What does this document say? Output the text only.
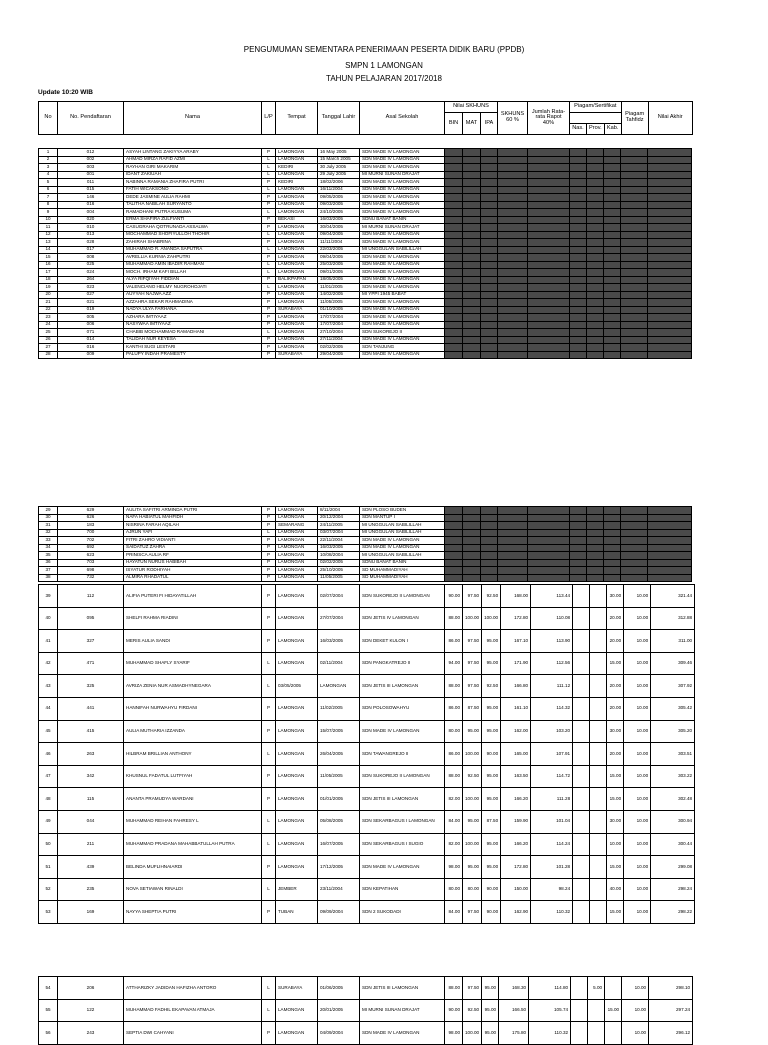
PENGUMUMAN SEMENTARA PENERIMAAN PESERTA DIDIK BARU (PPDB)
SMPN 1 LAMONGAN
TAHUN PELAJARAN 2017/2018
Update 10:20 WIB
No	No. Pendaftaran	Nama	L/P	Tempat	Tanggal Lahir	Asal Sekolah	Nilai SKHUNS			SKHUNS 60 %	Jumlah Rata-rata Rapot 40%	Piagam/Sertifikat			Piagam Tahfidz	Nilai Akhir
							BIN	MAT	IPA							
												Nas.	Prov.	Kab.		
1	012	ASYAH LINTANG ZAKIYYA ARABY	P	LAMONGAN	16 May 2005	SDN MADE IV LAMONGAN										
2	002	AHMAD MIRZA RAFID AZMI	L	LAMONGAN	15 March 2005	SDN MADE IV LAMONGAN										
3	003	RAYHAN GIRI MAKARIM	L	KEDIRI	30 July 2005	SDN MADE IV LAMONGAN										
4	001	IDANT ZAKIUAH	L	LAMONGAN	29 July 2005	MI MURNI SUNAN DRAJAT										
5	011	NABINNA RAMANIA ZHAFIRA PUTRI	P	KEDIRI	18/02/2006	SDN MADE IV LAMONGAN										
6	015	FATIH WICAKSONO	L	LAMONGAN	16/11/2004	SDN MADE IV LAMONGAN										
7	146	DEDE JASMINE AULIA RAHMI	P	LAMONGAN	09/05/2005	SDN MADE IV LAMONGAN										
8	016	TALITHA NABILAH SURYANTO	P	LAMONGAN	09/03/2005	SDN MADE IV LAMONGAN										
9	004	RAMADHANI PUTRA KUSUMA	L	LAMONGAN	24/10/2005	SDN MADE IV LAMONGAN										
10	020	ERMA SHAFIRA ZULFIANTI	P	BEKASI	16/03/2005	SDNU BANAT BANIN										
11	010	CASUGRAHA QOTRUNADA ASSALWA	P	LAMONGAN	30/04/2005	MI MURNI SUNAN DRAJAT										
12	013	MOCHAMMAD SHOFIYULLOH THOHIR	L	LAMONGAN	09/04/2005	SDN MADE IV LAMONGAN										
13	028	ZAHIRAH SHABRINA	P	LAMONGAN	11/11/2004	SDN MADE IV LAMONGAN										
14	017	MUHAMMAD R. ANANDA SAPUTRA	L	LAMONGAN	22/03/2005	MI UNGGULAN SABILILLAH										
15	008	AVRELLIA KURNIA ZAHPUTRI	P	LAMONGAN	09/04/2005	SDN MADE IV LAMONGAN										
16	025	MUHAMMAD AMIN IBADIR RAHMAN	L	LAMONGAN	25/03/2005	SDN MADE IV LAMONGAN										
17	024	MOCH. IRHAM KAFI BILLAH	L	LAMONGAN	09/01/2005	SDN MADE IV LAMONGAN										
18	264	ALYA RIFQIYAH FIDDIAN	P	BALIKPAPAN	18/05/2005	SDN MADE IV LAMONGAN										
19	023	VALENCIANO HELMY NUGROHOJATI	L	LAMONGAN	11/01/2005	SDN MADE IV LAMONGAN										
20	027	AUYYAH NAJWA AZZ	P	LAMONGAN	14/02/2005	MI YPPI 1945 BABAT										
21	021	AZZAHRA SEKAR RAHMADINA	P	LAMONGAN	11/05/2005	SDN MADE IV LAMONGAN										
22	019	NADYA ULYA FARHANA	P	SURABAYA	01/10/2005	SDN MADE IV LAMONGAN										
23	005	AZHARA IMTIYAAZ	P	LAMONGAN	17/07/2004	SDN MADE IV LAMONGAN										
24	006	NASYWAA IMTIYAAZ	P	LAMONGAN	17/07/2004	SDN MADE IV LAMONGAN										
25	071	CHABIB MOCHAMMAD RAMADHANI	L	LAMONGAN	27/10/2004	SDN SUKOREJO II										
26	014	TALIDAH NUR KEYESA	P	LAMONGAN	27/11/2004	SDN MADE IV LAMONGAN										
27	016	KANTHI SUGI LESTARI	P	LAMONGAN	02/02/2005	SDN TANJUNG										
28	009	PALUPY INDAH PRAMESTY	P	SURABAYA	29/04/2005	SDN MADE IV LAMONGAN										
29	629	AULITA SAFITRI ARMINDA PUTRI	P	LAMONGAN	8/11/2004	SDN PLOSO BUDEN										
30	626	NAFA HABIATUL MAHFIDH	P	LAMONGAN	20/12/2004	SDN MANTUP I										
31	183	NISRINA FARAH AQILAH	P	SEMARANG	24/11/2005	MI UNGGULAN SABILILLAH										
32	700	AJRUN YAFI	L	LAMONGAN	03/07/2004	MI UNGGULAN SABILILLAH										
33	702	FITRI ZAHRO VIDIANTI	P	LAMONGAN	22/11/2004	SDN MADE IV LAMONGAN										
34	692	SAIDATUZ ZAHRA	P	LAMONGAN	16/03/2005	SDN MADE IV LAMONGAN										
35	623	PRINISCA AULIA RF	P	LAMONGAN	10/08/2004	MI UNGGULAN SABILILLAH										
36	703	HAYATUN NURUS HABIBAH	P	LAMONGAN	02/02/2005	SDNU BANAT BANIN										
37	698	ISYATUR RODHIYAH	P	LAMONGAN	25/10/2005	SD MUHAMMADIYAH										
38	732	ALMIRA RHADATUL	P	LAMONGAN	11/05/2005	SD MUHAMMADIYAH										
39	112	ALIFIA PUTERI FI HIDAYATILLAH	P	LAMONGAN	02/07/2004	SDN SUKOREJO II LAMONGAN	90.00	97.50	92.50	168.00	113.44			30.00	10.00	321.44
40	095	SHELFI RAHMA RIADINI	P	LAMONGAN	27/07/2004	SDN JETIS IV LAMONGAN	88.00	100.00	100.00	172.80	110.08			20.00	10.00	312.88
41	327	MERIS AULIA SANDI	P	LAMONGAN	16/03/2005	SDN DEKET KULON I	86.00	97.50	95.00	167.10	113.90			20.00	10.00	311.00
42	471	MUHAMMAD SHAFLY SYARIF	L	LAMONGAN	02/11/2004	SDN PANGKATREJO II	94.00	97.50	95.00	171.90	112.56			15.00	10.00	309.46
43	325	AVRIZA ZENIA NUR ASMADHYNEGARA	L	03/05/2005	LAMONGAN	SDN JETIS III LAMONGAN	88.00	97.50	92.50	166.80	111.12			20.00	10.00	307.92
44	441	HANNIFAH NURWAHYU FIRDANI	P	LAMONGAN	11/02/2005	SDN POLOSOWAHYU	86.00	87.50	95.00	161.10	114.32			20.00	10.00	305.42
45	415	AULIA MUTHARIA IZZANDA	P	LAMONGAN	15/07/2005	SDN MADE IV LAMONGAN	80.00	95.00	95.00	162.00	103.20			30.00	10.00	305.20
46	263	HILBRAM BRILLIAN ANTHONY	L	LAMONGAN	26/04/2005	SDN TAWANGREJO II	86.00	100.00	90.00	165.00	107.91			20.00	10.00	303.51
47	342	KHUSNUL FADATUL LUTFIYAH	P	LAMONGAN	11/05/2005	SDN SUKOREJO II LAMONGAN	88.00	92.50	95.00	163.50	114.72			15.00	10.00	303.22
48	115	ANANTA PRAMUDYA WARDANI	P	LAMONGAN	01/01/2005	SDN JETIS III LAMONGAN	82.00	100.00	95.00	166.20	111.28			15.00	10.00	302.48
49	044	MUHAMMAD REIHAN FAHRESY L	L	LAMONGAN	05/08/2005	SDN SEKARBAGUS I LAMONGAN	84.00	95.00	87.50	159.90	101.04			30.00	10.00	300.94
50	211	MUHAMMAD PRADANA MAHABBATULLAH PUTRA	L	LAMONGAN	16/07/2005	SDN SEKARBAGUS I SUGIO	82.00	100.00	95.00	166.20	114.24			10.00	10.00	300.44
51	439	BELINDA MUFLIHNAIARDI	P	LAMONGAN	17/12/2005	SDN MADE IV LAMONGAN	98.00	95.00	95.00	172.80	101.28			15.00	10.00	299.08
52	235	NOVA SETIAWAN RINALDI	L	JEMBER	23/11/2004	SDN KEPATIHAN	80.00	80.00	90.00	150.00	98.24			40.00	10.00	298.24
53	169	NAYYA SHEPTIA PUTRI	P	TUBAN	09/09/2004	SDN 2 SUKODADI	84.00	97.50	90.00	162.90	110.32			15.00	10.00	298.22
54	206	ATTHARIZKY JADIDAN HAFIZHA ANTORO	L	SURABAYA	01/06/2005	SDN JETIS III LAMONGAN	88.00	97.50	95.00	168.30	114.80		5.00		10.00	298.10
55	122	MUHAMMAD FADHIL EKAPAVAN ATMAJA	L	LAMONGAN	20/01/2005	MI MURNI SUNAN DRAJAT	90.00	92.50	95.00	166.50	105.74			15.00	10.00	297.24
56	243	SEPTIA DWI CAHYANI	P	LAMONGAN	04/09/2004	SDN MADE IV LAMONGAN	98.00	100.00	95.00	175.80	110.32				10.00	296.12
